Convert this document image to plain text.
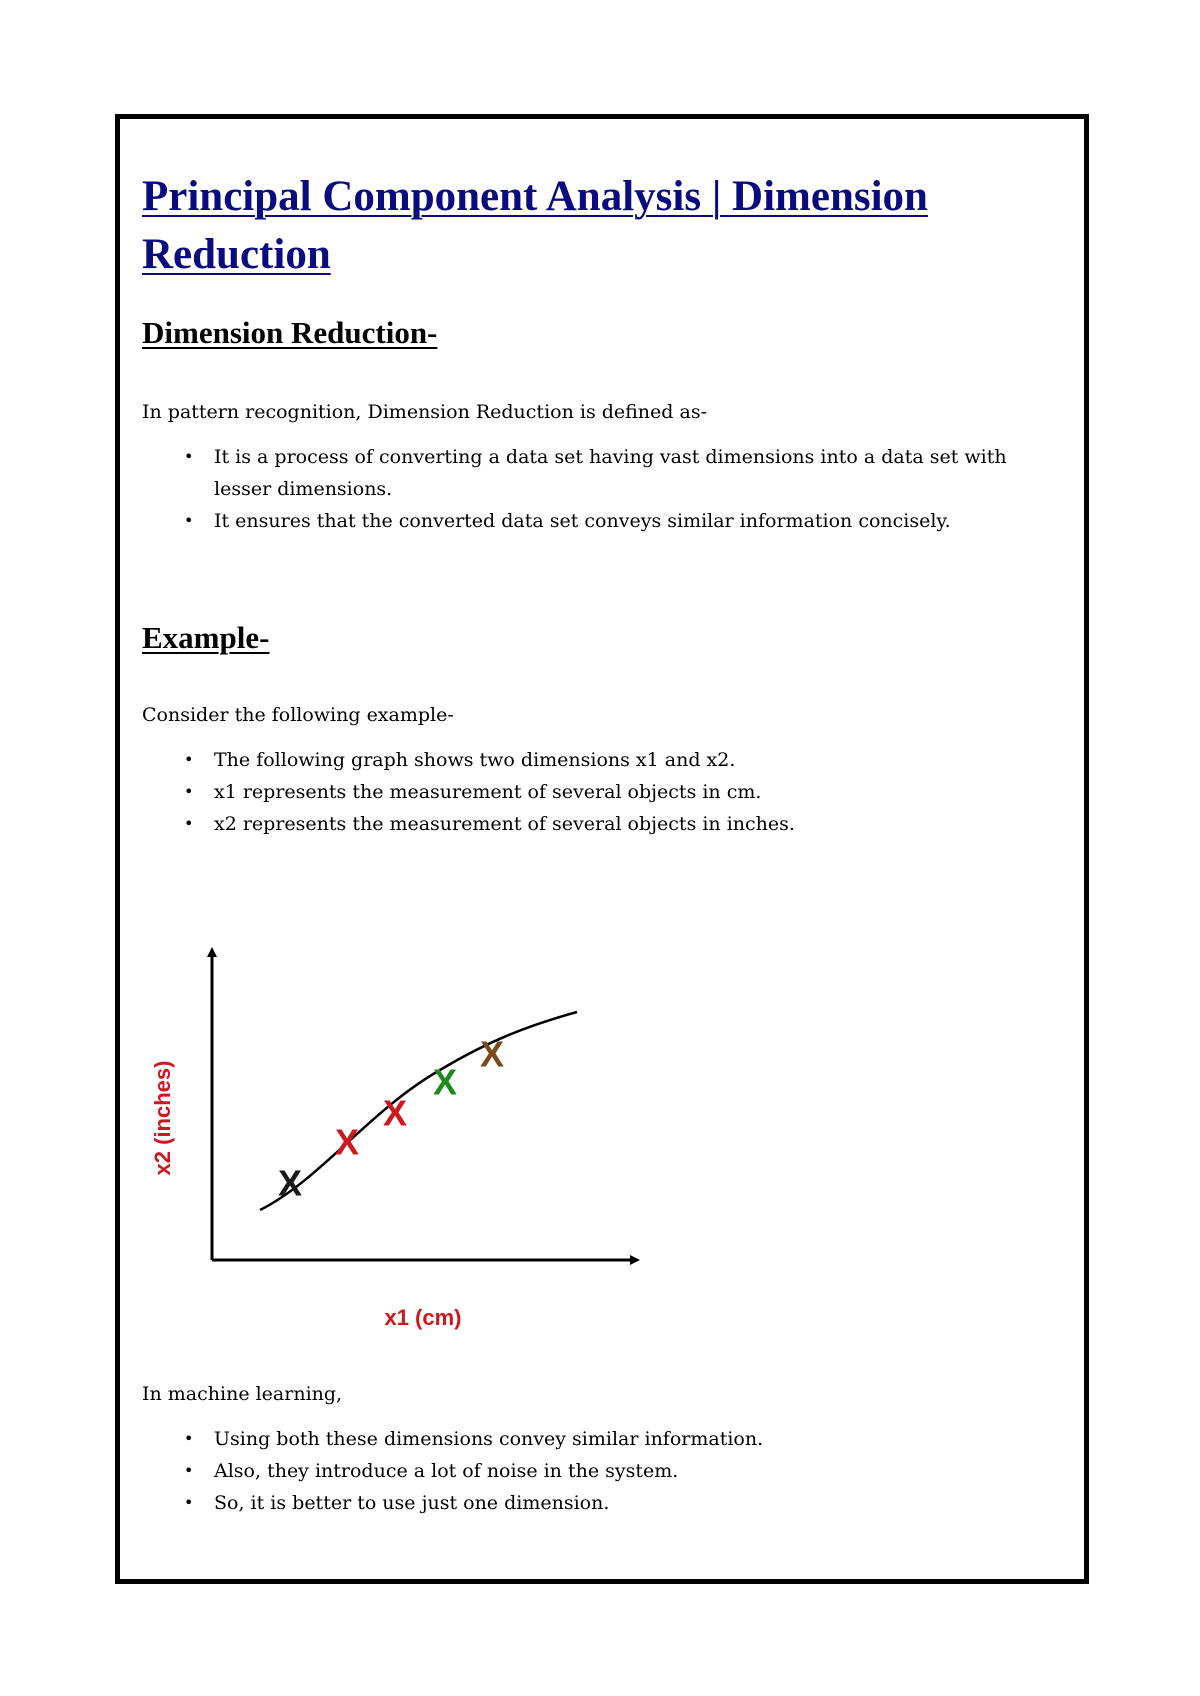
Principal Component Analysis | Dimension Reduction
Dimension Reduction-

In pattern recognition, Dimension Reduction is defined as-

• It is a process of converting a data set having vast dimensions into a data set with lesser dimensions.
• It ensures that the converted data set conveys similar information concisely.
Example-

Consider the following example-

• The following graph shows two dimensions x1 and x2.
• x1 represents the measurement of several objects in cm.
• x2 represents the measurement of several objects in inches.

In machine learning,

• Using both these dimensions convey similar information.
• Also, they introduce a lot of noise in the system.
• So, it is better to use just one dimension.
X
X
X
X
X
x1 (cm)
x2 (inches)
